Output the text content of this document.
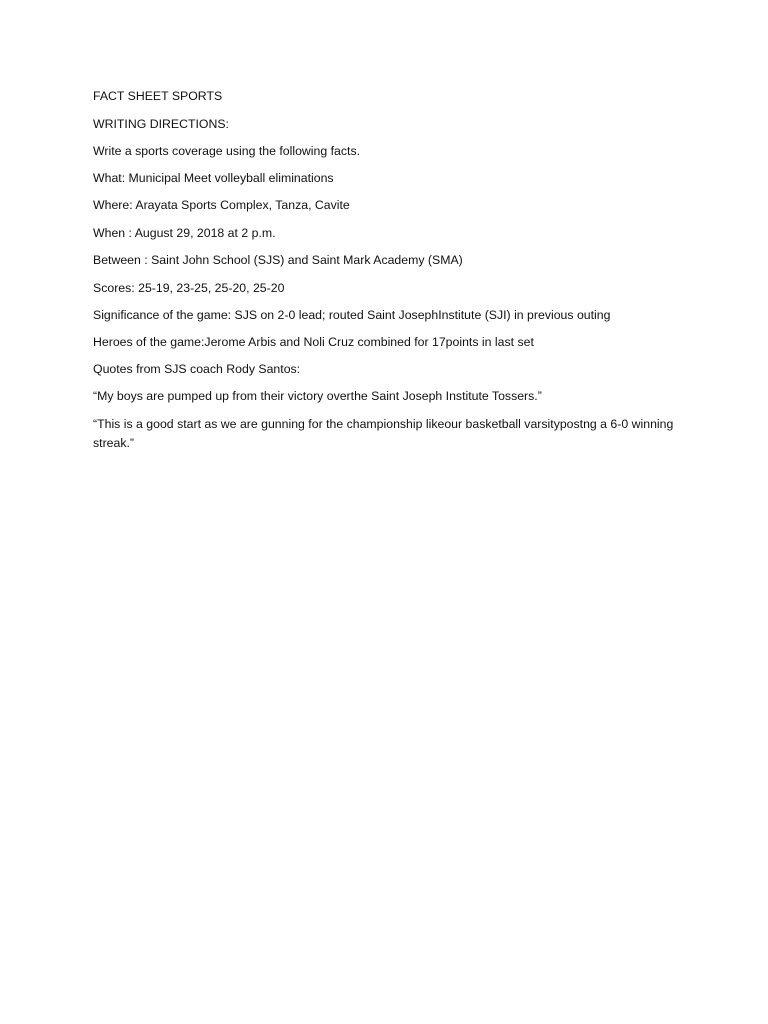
FACT SHEET SPORTS
WRITING DIRECTIONS:
Write a sports coverage using the following facts.
What: Municipal Meet volleyball eliminations
Where: Arayata Sports Complex, Tanza, Cavite
When : August 29, 2018 at 2 p.m.
Between : Saint John School (SJS) and Saint Mark Academy (SMA)
Scores: 25-19, 23-25, 25-20, 25-20
Significance of the game: SJS on 2-0 lead; routed Saint JosephInstitute (SJI) in previous outing
Heroes of the game:Jerome Arbis and Noli Cruz combined for 17points in last set
Quotes from SJS coach Rody Santos:
“My boys are pumped up from their victory overthe Saint Joseph Institute Tossers.”
“This is a good start as we are gunning for the championship likeour basketball varsitypostng a 6-0 winning streak.”
